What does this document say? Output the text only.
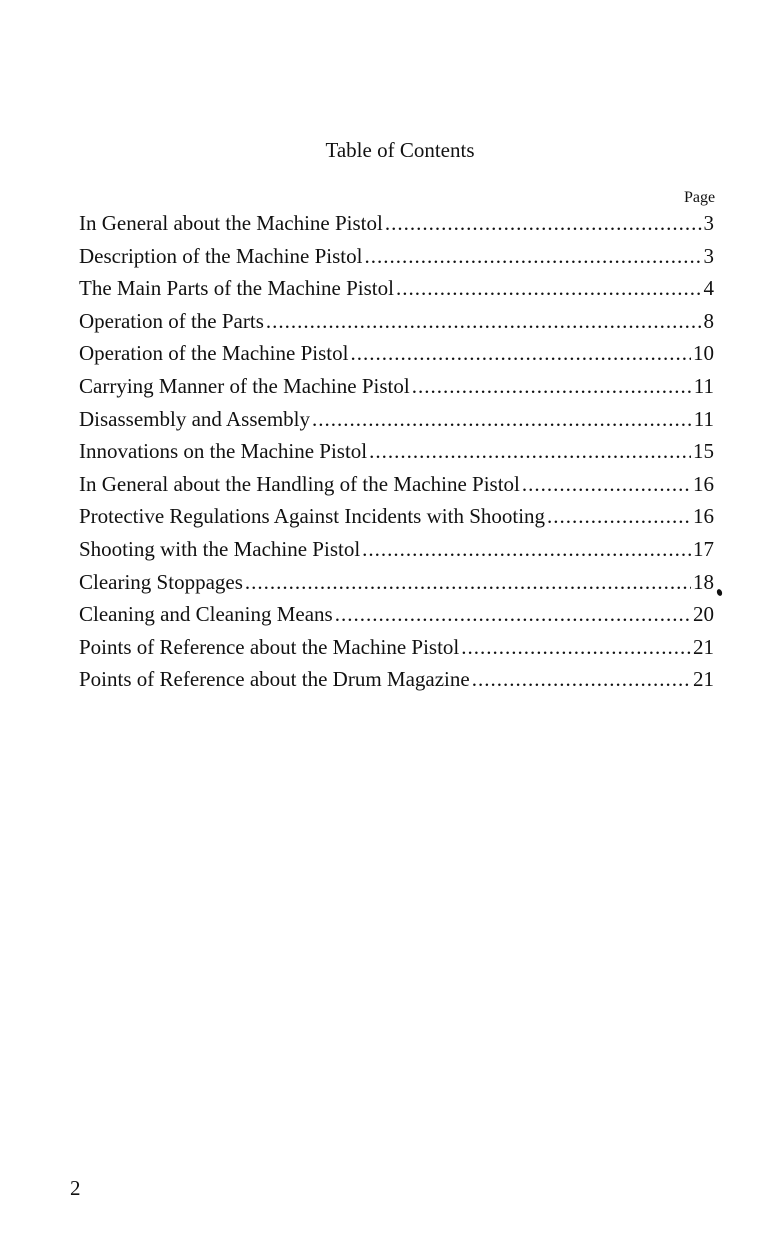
Table of Contents
Page
In General about the Machine Pistol .....	3
Description of the Machine Pistol .....	3
The Main Parts of the Machine Pistol .....	4
Operation of the Parts .....	8
Operation of the Machine Pistol .....	10
Carrying Manner of the Machine Pistol .....	11
Disassembly and Assembly .....	11
Innovations on the Machine Pistol .....	15
In General about the Handling of the Machine Pistol .....	16
Protective Regulations Against Incidents with Shooting .....	16
Shooting with the Machine Pistol .....	17
Clearing Stoppages .....	18
Cleaning and Cleaning Means .....	20
Points of Reference about the Machine Pistol .....	21
Points of Reference about the Drum Magazine .....	21
2
